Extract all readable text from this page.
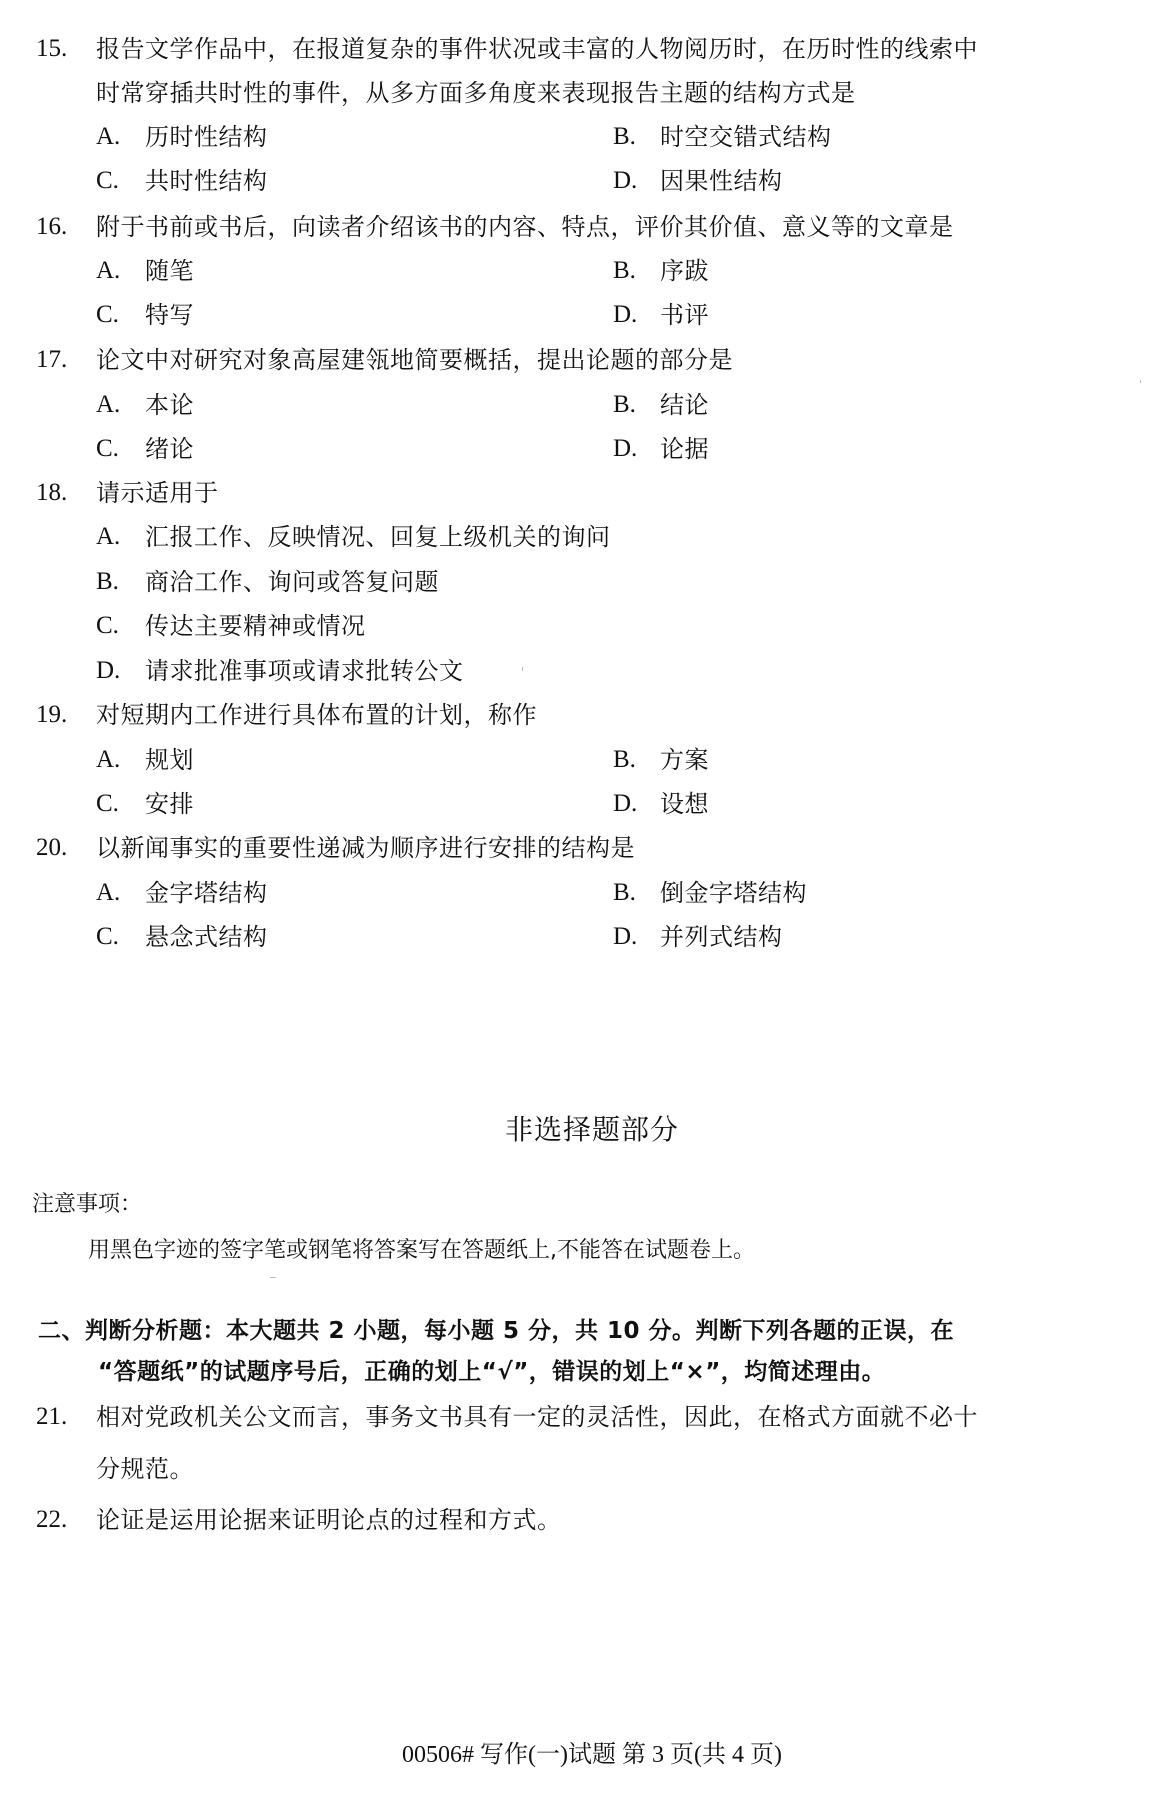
15. 报告文学作品中，在报道复杂的事件状况或丰富的人物阅历时，在历时性的线索中
时常穿插共时性的事件，从多方面多角度来表现报告主题的结构方式是
A. 历时性结构	B. 时空交错式结构
C. 共时性结构	D. 因果性结构
16. 附于书前或书后，向读者介绍该书的内容、特点，评价其价值、意义等的文章是
A. 随笔	B. 序跋
C. 特写	D. 书评
17. 论文中对研究对象高屋建瓴地简要概括，提出论题的部分是
A. 本论	B. 结论
C. 绪论	D. 论据
18. 请示适用于
A. 汇报工作、反映情况、回复上级机关的询问
B. 商洽工作、询问或答复问题
C. 传达主要精神或情况
D. 请求批准事项或请求批转公文
19. 对短期内工作进行具体布置的计划，称作
A. 规划	B. 方案
C. 安排	D. 设想
20. 以新闻事实的重要性递减为顺序进行安排的结构是
A. 金字塔结构	B. 倒金字塔结构
C. 悬念式结构	D. 并列式结构
非选择题部分
注意事项：
用黑色字迹的签字笔或钢笔将答案写在答题纸上,不能答在试题卷上。
二、判断分析题：本大题共 2 小题，每小题 5 分，共 10 分。判断下列各题的正误，在
“答题纸”的试题序号后，正确的划上“√”，错误的划上“×”，均简述理由。
21. 相对党政机关公文而言，事务文书具有一定的灵活性，因此，在格式方面就不必十
分规范。
22. 论证是运用论据来证明论点的过程和方式。
00506# 写作(一)试题 第 3 页(共 4 页)
